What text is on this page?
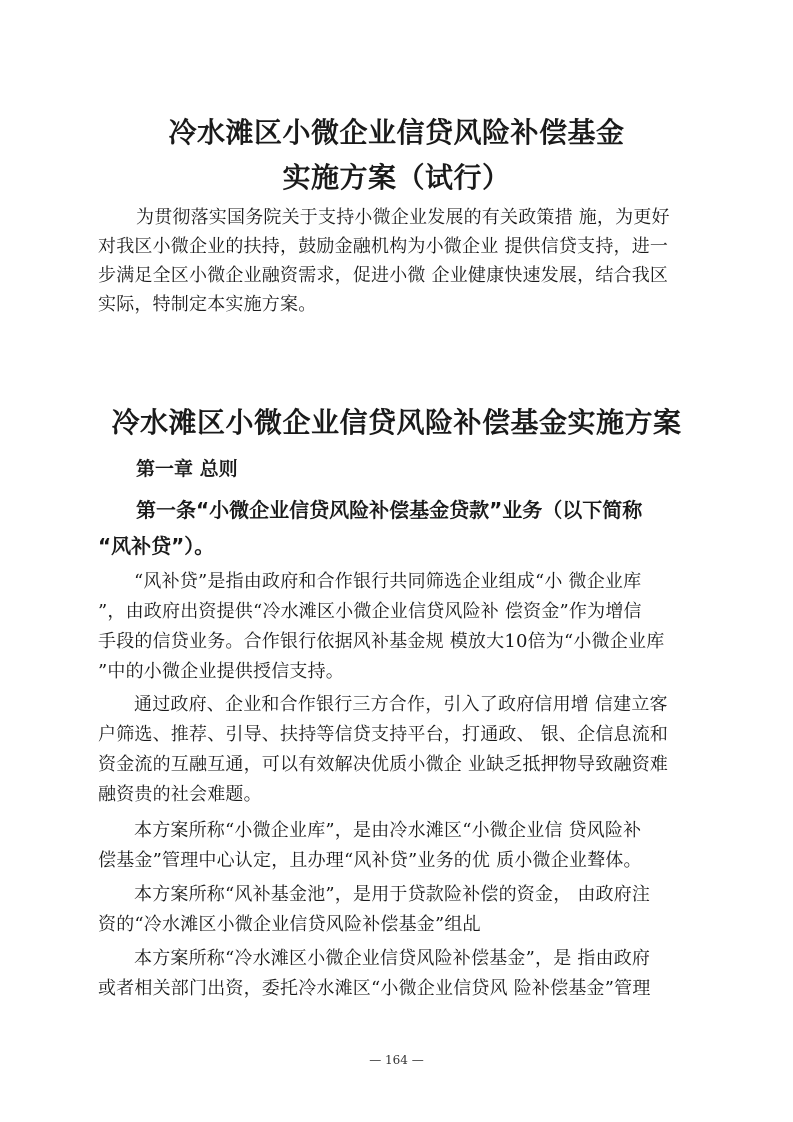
冷水滩区小微企业信贷风险补偿基金
实施方案（试行）
为贯彻落实国务院关于支持小微企业发展的有关政策措 施，为更好
对我区小微企业的扶持，鼓励金融机构为小微企业 提供信贷支持，进一
步满足全区小微企业融资需求，促进小微 企业健康快速发展，结合我区
实际，特制定本实施方案。
冷水滩区小微企业信贷风险补偿基金实施方案
第一章 总则
第一条“小微企业信贷风险补偿基金贷款”业务（以下简称
“风补贷”）。
“风补贷”是指由政府和合作银行共同筛选企业组成“小 微企业库
”，由政府出资提供“冷水滩区小微企业信贷风险补 偿资金”作为增信
手段的信贷业务。合作银行依据风补基金规 模放大10倍为“小微企业库
”中的小微企业提供授信支持。
通过政府、企业和合作银行三方合作，引入了政府信用增 信建立客
户筛选、推荐、引导、扶持等信贷支持平台，打通政、 银、企信息流和
资金流的互融互通，可以有效解决优质小微企 业缺乏抵押物导致融资难
融资贵的社会难题。
本方案所称“小微企业库”，是由冷水滩区“小微企业信 贷风险补
偿基金”管理中心认定，且办理“风补贷”业务的优 质小微企业聱体。
本方案所称“风补基金池”，是用于贷款险补偿的资金， 由政府注
资的“冷水滩区小微企业信贷风险补偿基金”组乩
本方案所称“冷水滩区小微企业信贷风险补偿基金”，是 指由政府
或者相关部门出资，委托冷水滩区“小微企业信贷风 险补偿基金”管理
— 164 —
